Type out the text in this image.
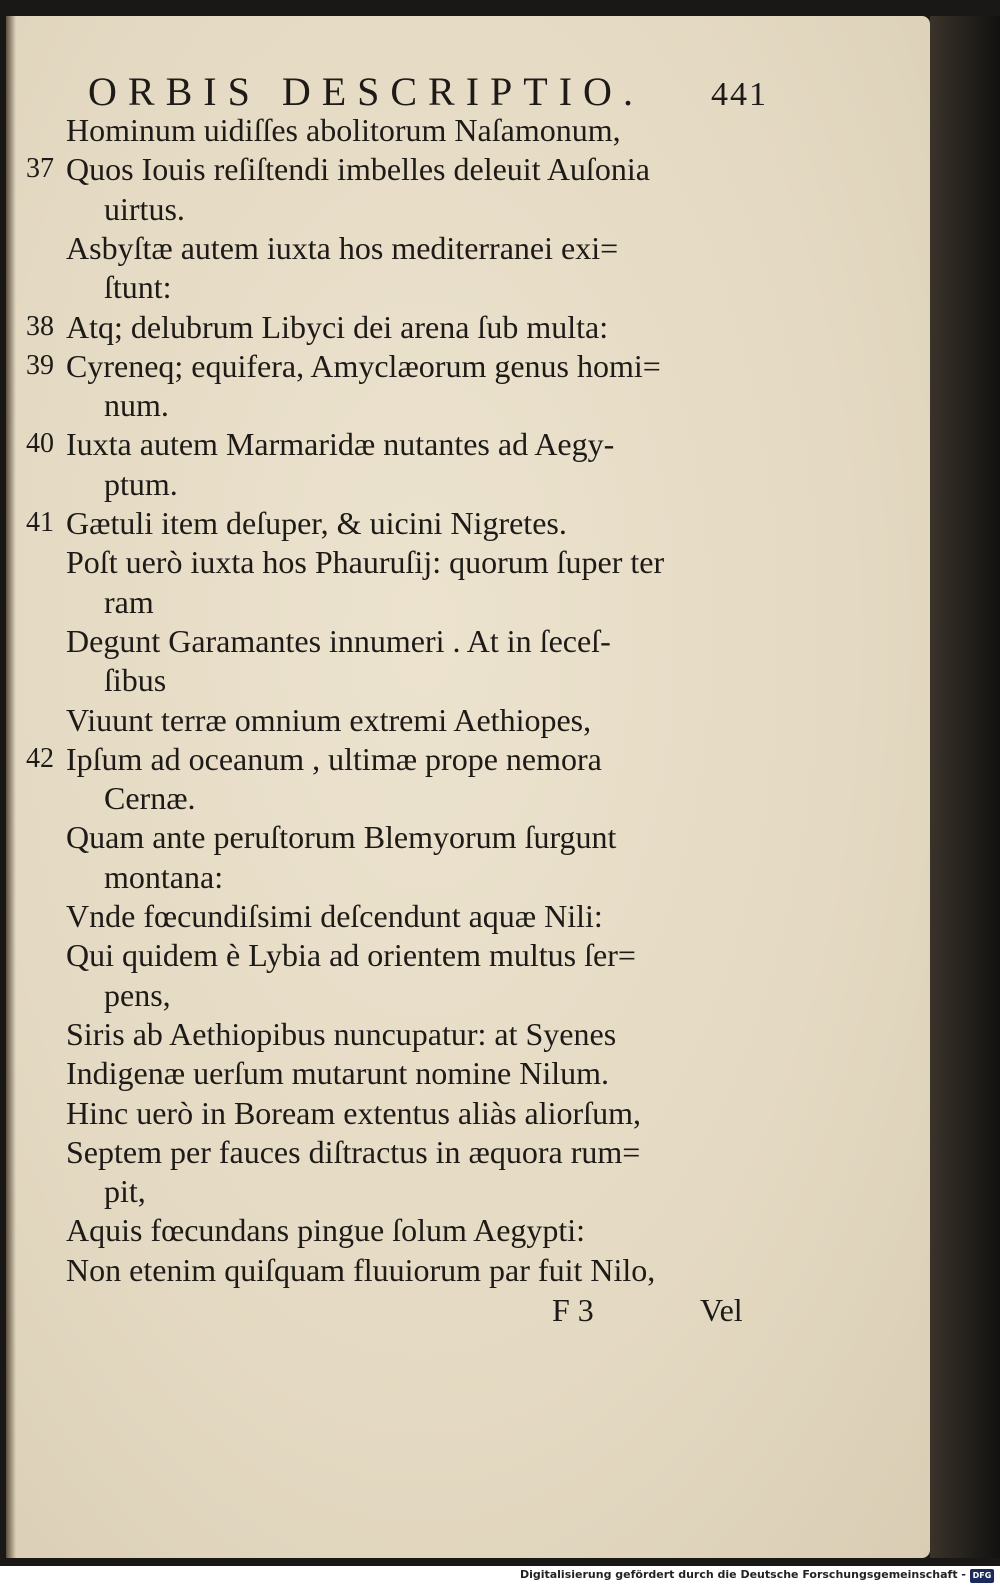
ORBIS DESCRIPTIO. 441
Hominum uidiſſes abolitorum Naſamonum,
37 Quos Iouis reſiſtendi imbelles deleuit Auſonia
uirtus.
Asbyſtæ autem iuxta hos mediterranei exi=
ſtunt:
38 Atq; delubrum Libyci dei arena ſub multa:
39 Cyreneq; equifera, Amyclæorum genus homi=
num.
40 Iuxta autem Marmaridæ nutantes ad Aegy-
ptum.
41 Gætuli item deſuper, & uicini Nigretes.
Poſt uerò iuxta hos Phauruſij: quorum ſuper ter
ram
Degunt Garamantes innumeri . At in ſeceſ-
ſibus
Viuunt terræ omnium extremi Aethiopes,
42 Ipſum ad oceanum , ultimæ prope nemora
Cernæ.
Quam ante peruſtorum Blemyorum ſurgunt
montana:
Vnde fœcundiſsimi deſcendunt aquæ Nili:
Qui quidem è Lybia ad orientem multus ſer=
pens,
Siris ab Aethiopibus nuncupatur: at Syenes
Indigenæ uerſum mutarunt nomine Nilum.
Hinc uerò in Boream extentus aliàs aliorſum,
Septem per fauces diſtractus in æquora rum=
pit,
Aquis fœcundans pingue ſolum Aegypti:
Non etenim quiſquam fluuiorum par fuit Nilo,
F 3	Vel
Digitalisierung gefördert durch die Deutsche Forschungsgemeinschaft - DFG
